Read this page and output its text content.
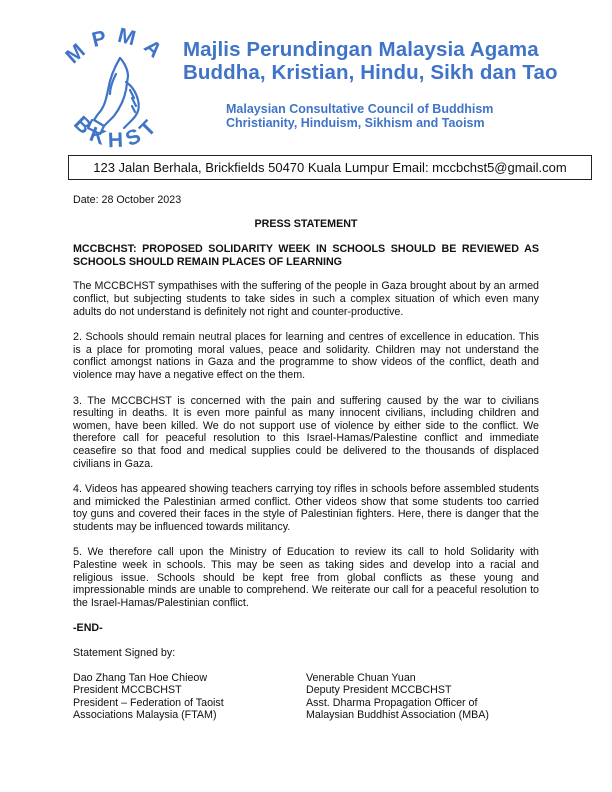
MPMA
BKHST
Majlis Perundingan Malaysia Agama
Buddha, Kristian, Hindu, Sikh dan Tao
Malaysian Consultative Council of Buddhism
Christianity, Hinduism, Sikhism and Taoism
123 Jalan Berhala, Brickfields 50470 Kuala Lumpur Email: mccbchst5@gmail.com

Date: 28 October 2023

PRESS STATEMENT

MCCBCHST: PROPOSED SOLIDARITY WEEK IN SCHOOLS SHOULD BE REVIEWED AS SCHOOLS SHOULD REMAIN PLACES OF LEARNING

The MCCBCHST sympathises with the suffering of the people in Gaza brought about by an armed conflict, but subjecting students to take sides in such a complex situation of which even many adults do not understand is definitely not right and counter-productive.

2. Schools should remain neutral places for learning and centres of excellence in education. This is a place for promoting moral values, peace and solidarity. Children may not understand the conflict amongst nations in Gaza and the programme to show videos of the conflict, death and violence may have a negative effect on the them.

3. The MCCBCHST is concerned with the pain and suffering caused by the war to civilians resulting in deaths. It is even more painful as many innocent civilians, including children and women, have been killed. We do not support use of violence by either side to the conflict. We therefore call for peaceful resolution to this Israel-Hamas/Palestine conflict and immediate ceasefire so that food and medical supplies could be delivered to the thousands of displaced civilians in Gaza.

4. Videos has appeared showing teachers carrying toy rifles in schools before assembled students and mimicked the Palestinian armed conflict. Other videos show that some students too carried toy guns and covered their faces in the style of Palestinian fighters. Here, there is danger that the students may be influenced towards militancy.

5. We therefore call upon the Ministry of Education to review its call to hold Solidarity with Palestine week in schools. This may be seen as taking sides and develop into a racial and religious issue. Schools should be kept free from global conflicts as these young and impressionable minds are unable to comprehend. We reiterate our call for a peaceful resolution to the Israel-Hamas/Palestinian conflict.

-END-

Statement Signed by:

Dao Zhang Tan Hoe Chieow
President MCCBCHST
President – Federation of Taoist
Associations Malaysia (FTAM)
Venerable Chuan Yuan
Deputy President MCCBCHST
Asst. Dharma Propagation Officer of
Malaysian Buddhist Association (MBA)
